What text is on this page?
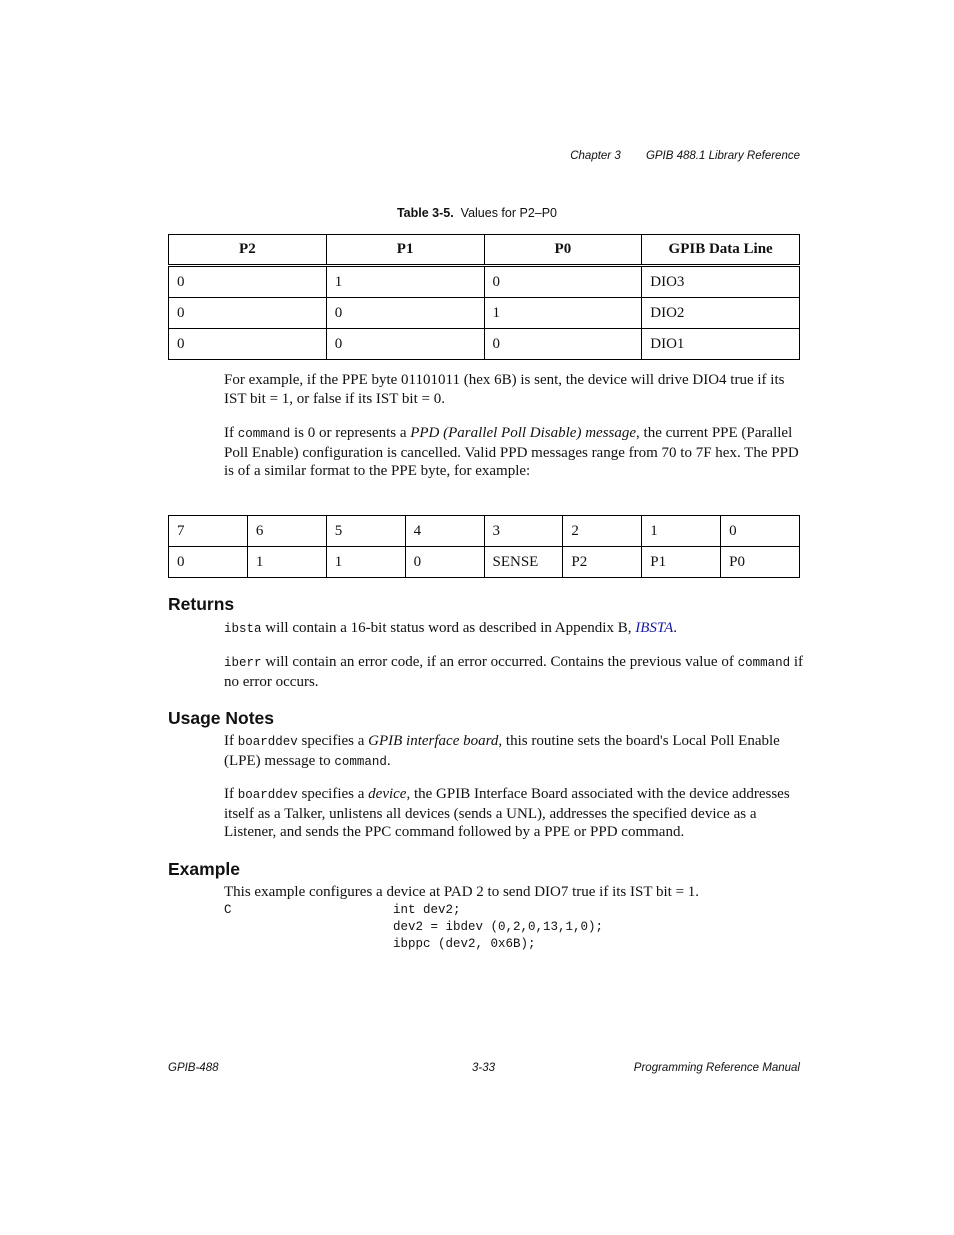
Chapter 3 GPIB 488.1 Library Reference
Table 3-5. Values for P2–P0
P2	P1	P0	GPIB Data Line
0	1	0	DIO3
0	0	1	DIO2
0	0	0	DIO1
For example, if the PPE byte 01101011 (hex 6B) is sent, the device will drive DIO4 true if its IST bit = 1, or false if its IST bit = 0.
If command is 0 or represents a PPD (Parallel Poll Disable) message, the current PPE (Parallel Poll Enable) configuration is cancelled. Valid PPD messages range from 70 to 7F hex. The PPD is of a similar format to the PPE byte, for example:
7	6	5	4	3	2	1	0
0	1	1	0	SENSE	P2	P1	P0
Returns
ibsta will contain a 16-bit status word as described in Appendix B, IBSTA.
iberr will contain an error code, if an error occurred. Contains the previous value of command if no error occurs.
Usage Notes
If boarddev specifies a GPIB interface board, this routine sets the board's Local Poll Enable (LPE) message to command.
If boarddev specifies a device, the GPIB Interface Board associated with the device addresses itself as a Talker, unlistens all devices (sends a UNL), addresses the specified device as a Listener, and sends the PPC command followed by a PPE or PPD command.
Example
This example configures a device at PAD 2 to send DIO7 true if its IST bit = 1.
C	int dev2;
dev2 = ibdev (0,2,0,13,1,0);
ibppc (dev2, 0x6B);
GPIB-488	3-33	Programming Reference Manual
